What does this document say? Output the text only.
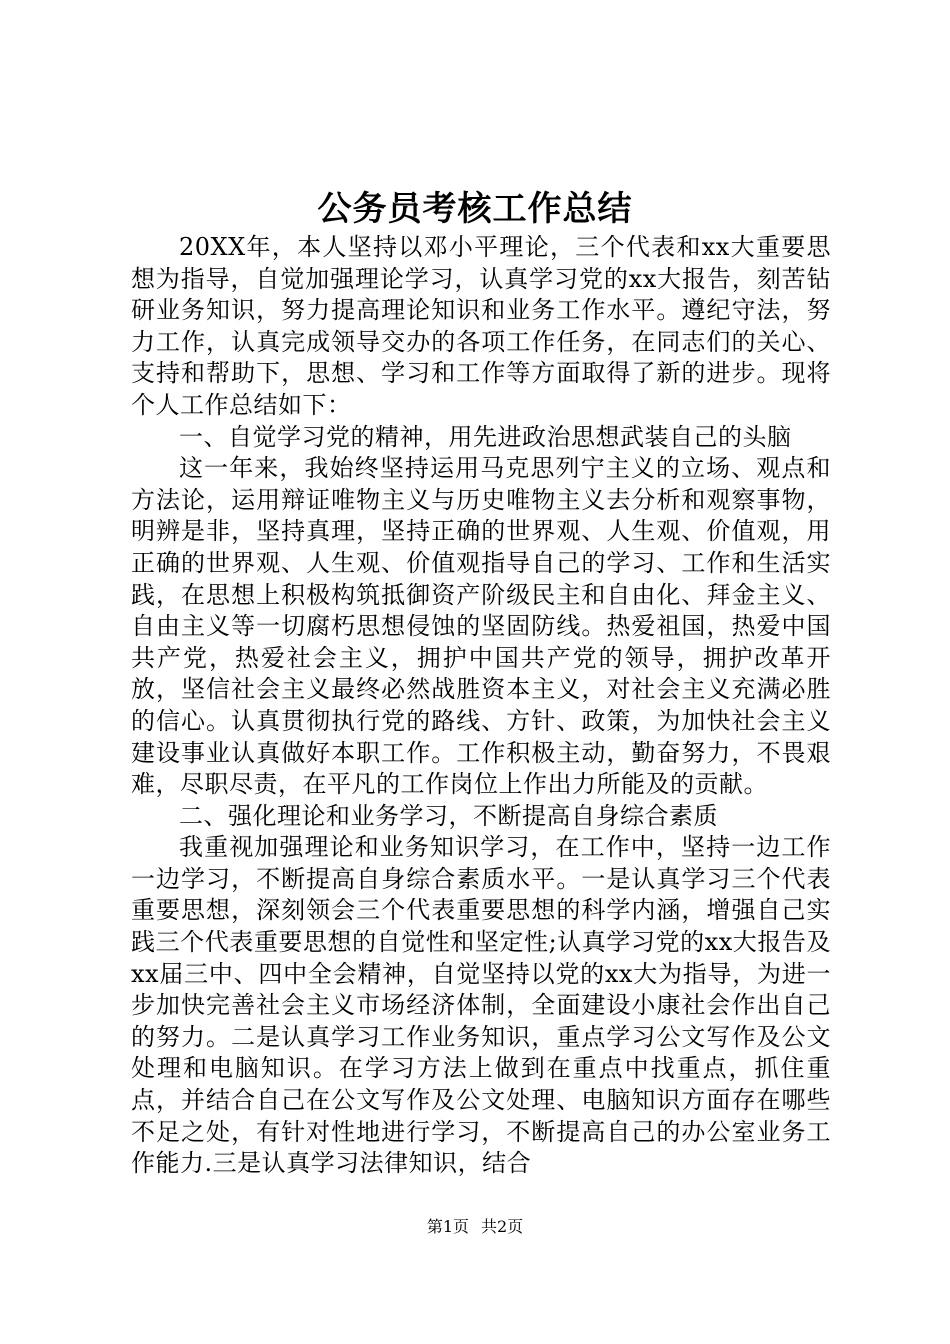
公务员考核工作总结

20XX年，本人坚持以邓小平理论，三个代表和xx大重要思想为指导，自觉加强理论学习，认真学习党的xx大报告，刻苦钻研业务知识，努力提高理论知识和业务工作水平。遵纪守法，努力工作，认真完成领导交办的各项工作任务，在同志们的关心、支持和帮助下，思想、学习和工作等方面取得了新的进步。现将个人工作总结如下：

一、自觉学习党的精神，用先进政治思想武装自己的头脑

这一年来，我始终坚持运用马克思列宁主义的立场、观点和方法论，运用辩证唯物主义与历史唯物主义去分析和观察事物，明辨是非，坚持真理，坚持正确的世界观、人生观、价值观，用正确的世界观、人生观、价值观指导自己的学习、工作和生活实践，在思想上积极构筑抵御资产阶级民主和自由化、拜金主义、自由主义等一切腐朽思想侵蚀的坚固防线。热爱祖国，热爱中国共产党，热爱社会主义，拥护中国共产党的领导，拥护改革开放，坚信社会主义最终必然战胜资本主义，对社会主义充满必胜的信心。认真贯彻执行党的路线、方针、政策，为加快社会主义建设事业认真做好本职工作。工作积极主动，勤奋努力，不畏艰难，尽职尽责，在平凡的工作岗位上作出力所能及的贡献。

二、强化理论和业务学习，不断提高自身综合素质

我重视加强理论和业务知识学习，在工作中，坚持一边工作一边学习，不断提高自身综合素质水平。一是认真学习三个代表重要思想，深刻领会三个代表重要思想的科学内涵，增强自己实践三个代表重要思想的自觉性和坚定性;认真学习党的xx大报告及xx届三中、四中全会精神，自觉坚持以党的xx大为指导，为进一步加快完善社会主义市场经济体制，全面建设小康社会作出自己的努力。二是认真学习工作业务知识，重点学习公文写作及公文处理和电脑知识。在学习方法上做到在重点中找重点，抓住重点，并结合自己在公文写作及公文处理、电脑知识方面存在哪些不足之处，有针对性地进行学习，不断提高自己的办公室业务工作能力.三是认真学习法律知识，结合

第1页 共2页
